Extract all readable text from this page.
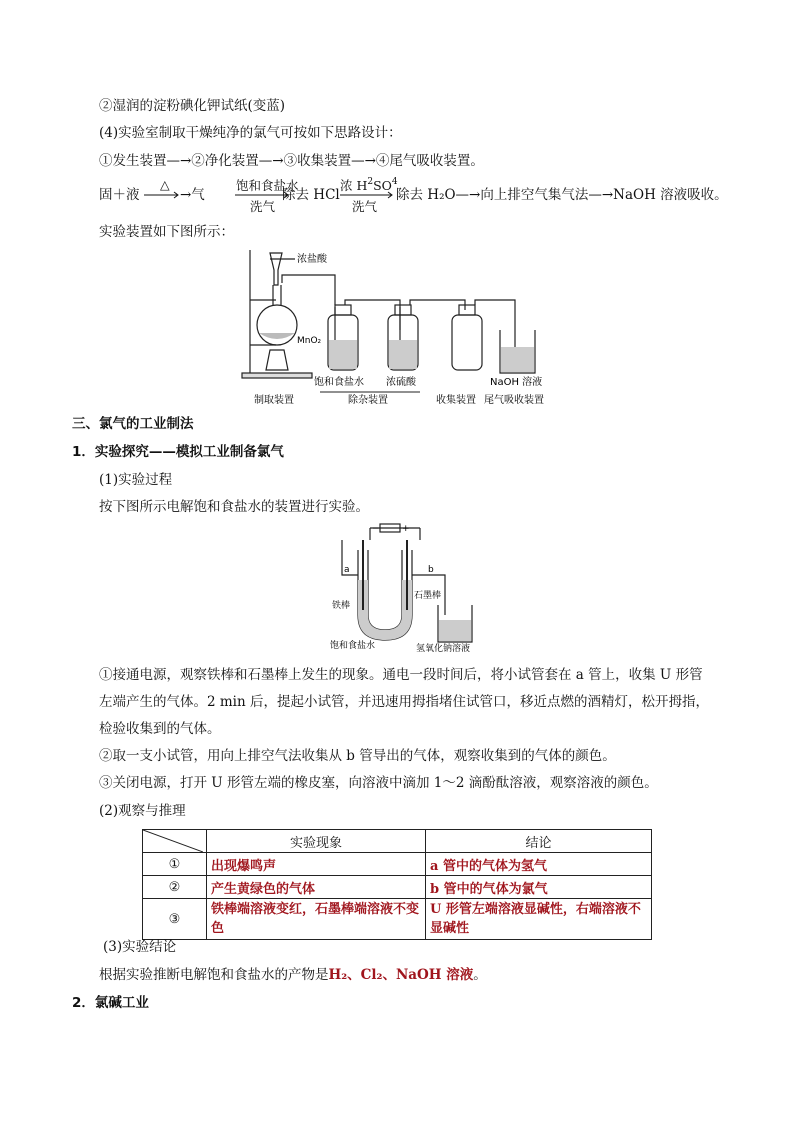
②湿润的淀粉碘化钾试纸(变蓝)
(4)实验室制取干燥纯净的氯气可按如下思路设计：
①发生装置—→②净化装置—→③收集装置—→④尾气吸收装置。
固＋液
△
→气
饱和食盐水
洗气
除去 HCl
浓 $H^2SO^4$
洗气
除去 H₂O—→向上排空气集气法—→NaOH 溶液吸收。
实验装置如下图所示：
浓盐酸
MnO₂
饱和食盐水 浓硫酸	NaOH 溶液
制取装置	除杂装置	收集装置 尾气吸收装置
三、氯气的工业制法
1．实验探究——模拟工业制备氯气
(1)实验过程
按下图所示电解饱和食盐水的装置进行实验。
− +
a	b
铁棒
石墨棒
饱和食盐水	氢氧化钠溶液
①接通电源，观察铁棒和石墨棒上发生的现象。通电一段时间后，将小试管套在 a 管上，收集 U 形管
左端产生的气体。2 min 后，提起小试管，并迅速用拇指堵住试管口，移近点燃的酒精灯，松开拇指，
检验收集到的气体。
②取一支小试管，用向上排空气法收集从 b 管导出的气体，观察收集到的气体的颜色。
③关闭电源，打开 U 形管左端的橡皮塞，向溶液中滴加 1～2 滴酚酞溶液，观察溶液的颜色。
(2)观察与推理
	实验现象	结论
①	出现爆鸣声	a 管中的气体为氢气
②	产生黄绿色的气体	b 管中的气体为氯气
③	铁棒端溶液变红，石墨棒端溶液不变色	U 形管左端溶液显碱性，右端溶液不显碱性
(3)实验结论
根据实验推断电解饱和食盐水的产物是H₂、Cl₂、NaOH 溶液。
2．氯碱工业
